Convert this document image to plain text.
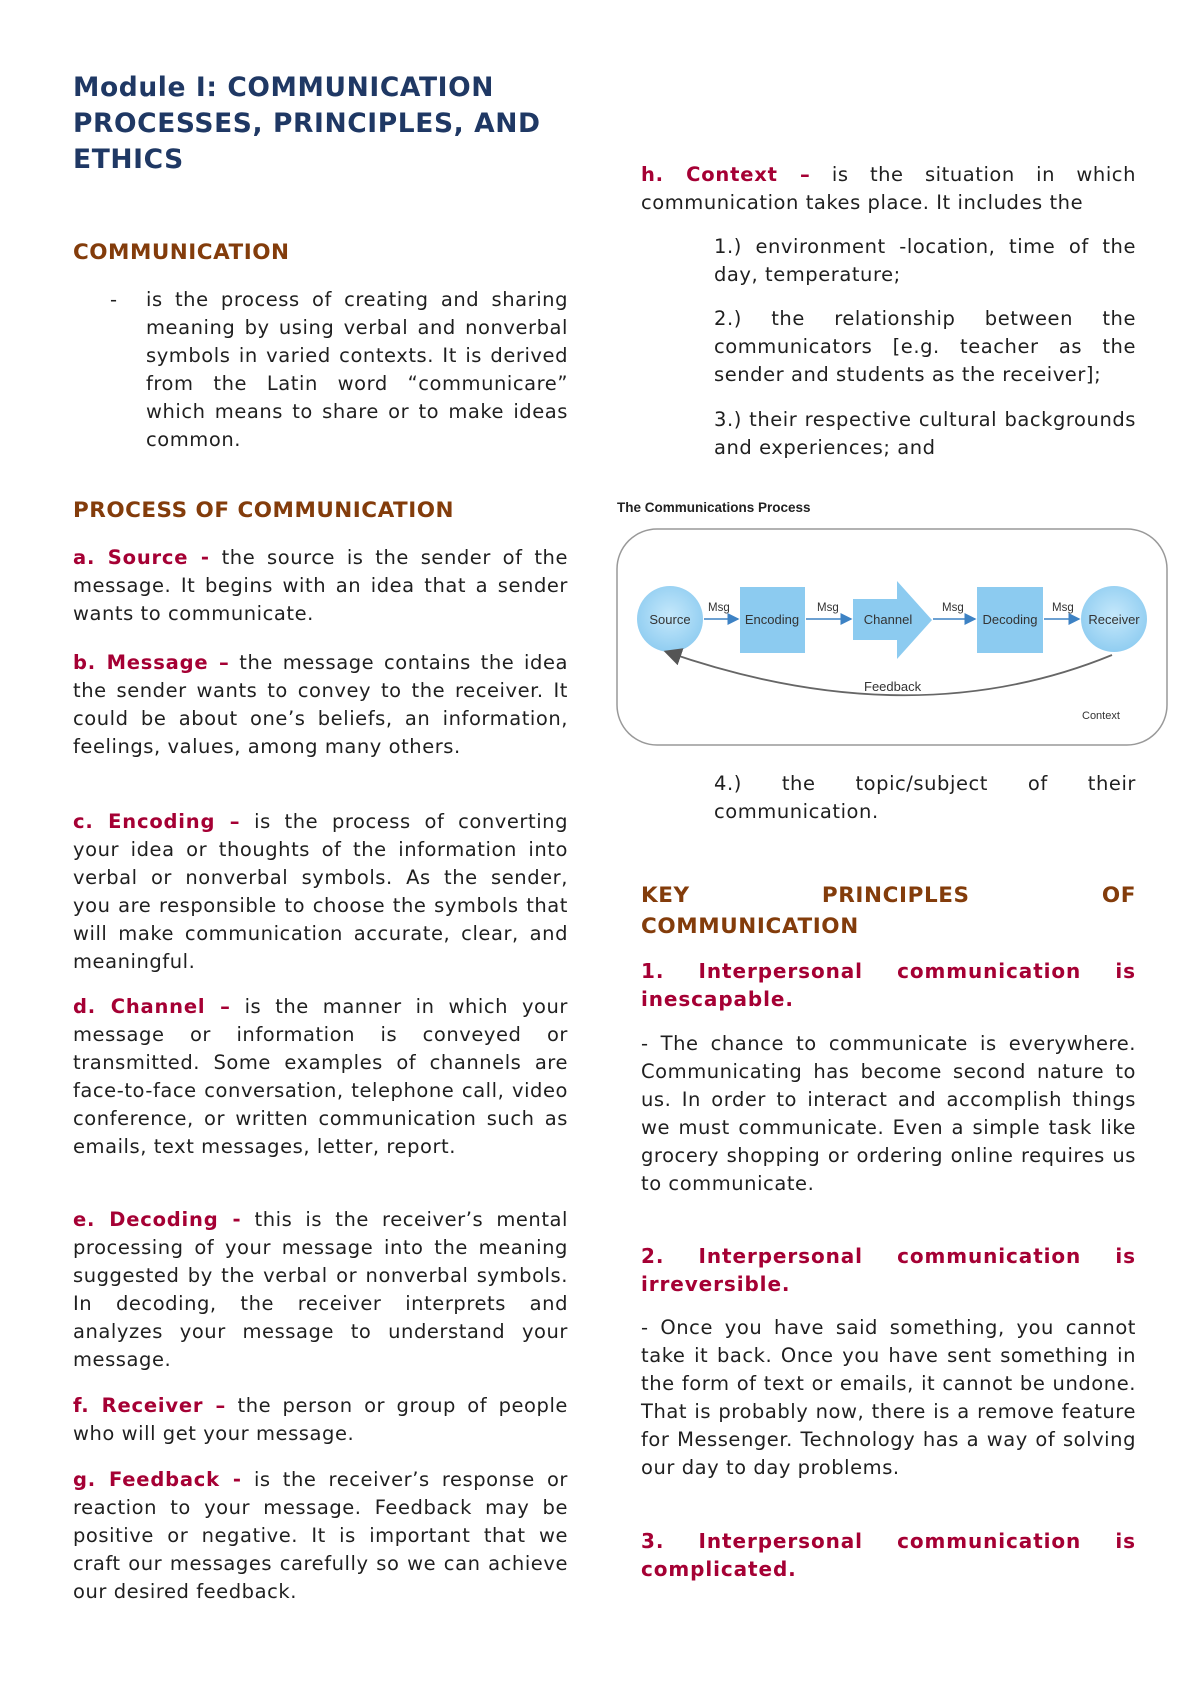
Module I: COMMUNICATION PROCESSES, PRINCIPLES, AND ETHICS
COMMUNICATION
- is the process of creating and sharing meaning by using verbal and nonverbal symbols in varied contexts. It is derived from the Latin word “communicare” which means to share or to make ideas common.
PROCESS OF COMMUNICATION
a. Source - the source is the sender of the message. It begins with an idea that a sender wants to communicate.
b. Message – the message contains the idea the sender wants to convey to the receiver. It could be about one’s beliefs, an information, feelings, values, among many others.
c. Encoding – is the process of converting your idea or thoughts of the information into verbal or nonverbal symbols. As the sender, you are responsible to choose the symbols that will make communication accurate, clear, and meaningful.
d. Channel – is the manner in which your message or information is conveyed or transmitted. Some examples of channels are face-to-face conversation, telephone call, video conference, or written communication such as emails, text messages, letter, report.
e. Decoding - this is the receiver’s mental processing of your message into the meaning suggested by the verbal or nonverbal symbols. In decoding, the receiver interprets and analyzes your message to understand your message.
f. Receiver – the person or group of people who will get your message.
g. Feedback - is the receiver’s response or reaction to your message. Feedback may be positive or negative. It is important that we craft our messages carefully so we can achieve our desired feedback.
h. Context – is the situation in which communication takes place. It includes the
1.) environment -location, time of the day, temperature;
2.) the relationship between the communicators [e.g. teacher as the sender and students as the receiver];
3.) their respective cultural backgrounds and experiences; and
The Communications Process
Source	Encoding	Channel	Decoding	Receiver
Msg	Msg	Msg	Msg
Feedback
Context
4.) the topic/subject of their communication.
KEY	PRINCIPLES	OF
COMMUNICATION
1. Interpersonal communication is inescapable.
- The chance to communicate is everywhere. Communicating has become second nature to us. In order to interact and accomplish things we must communicate. Even a simple task like grocery shopping or ordering online requires us to communicate.
2. Interpersonal communication is irreversible.
- Once you have said something, you cannot take it back. Once you have sent something in the form of text or emails, it cannot be undone. That is probably now, there is a remove feature for Messenger. Technology has a way of solving our day to day problems.
3. Interpersonal communication is complicated.
